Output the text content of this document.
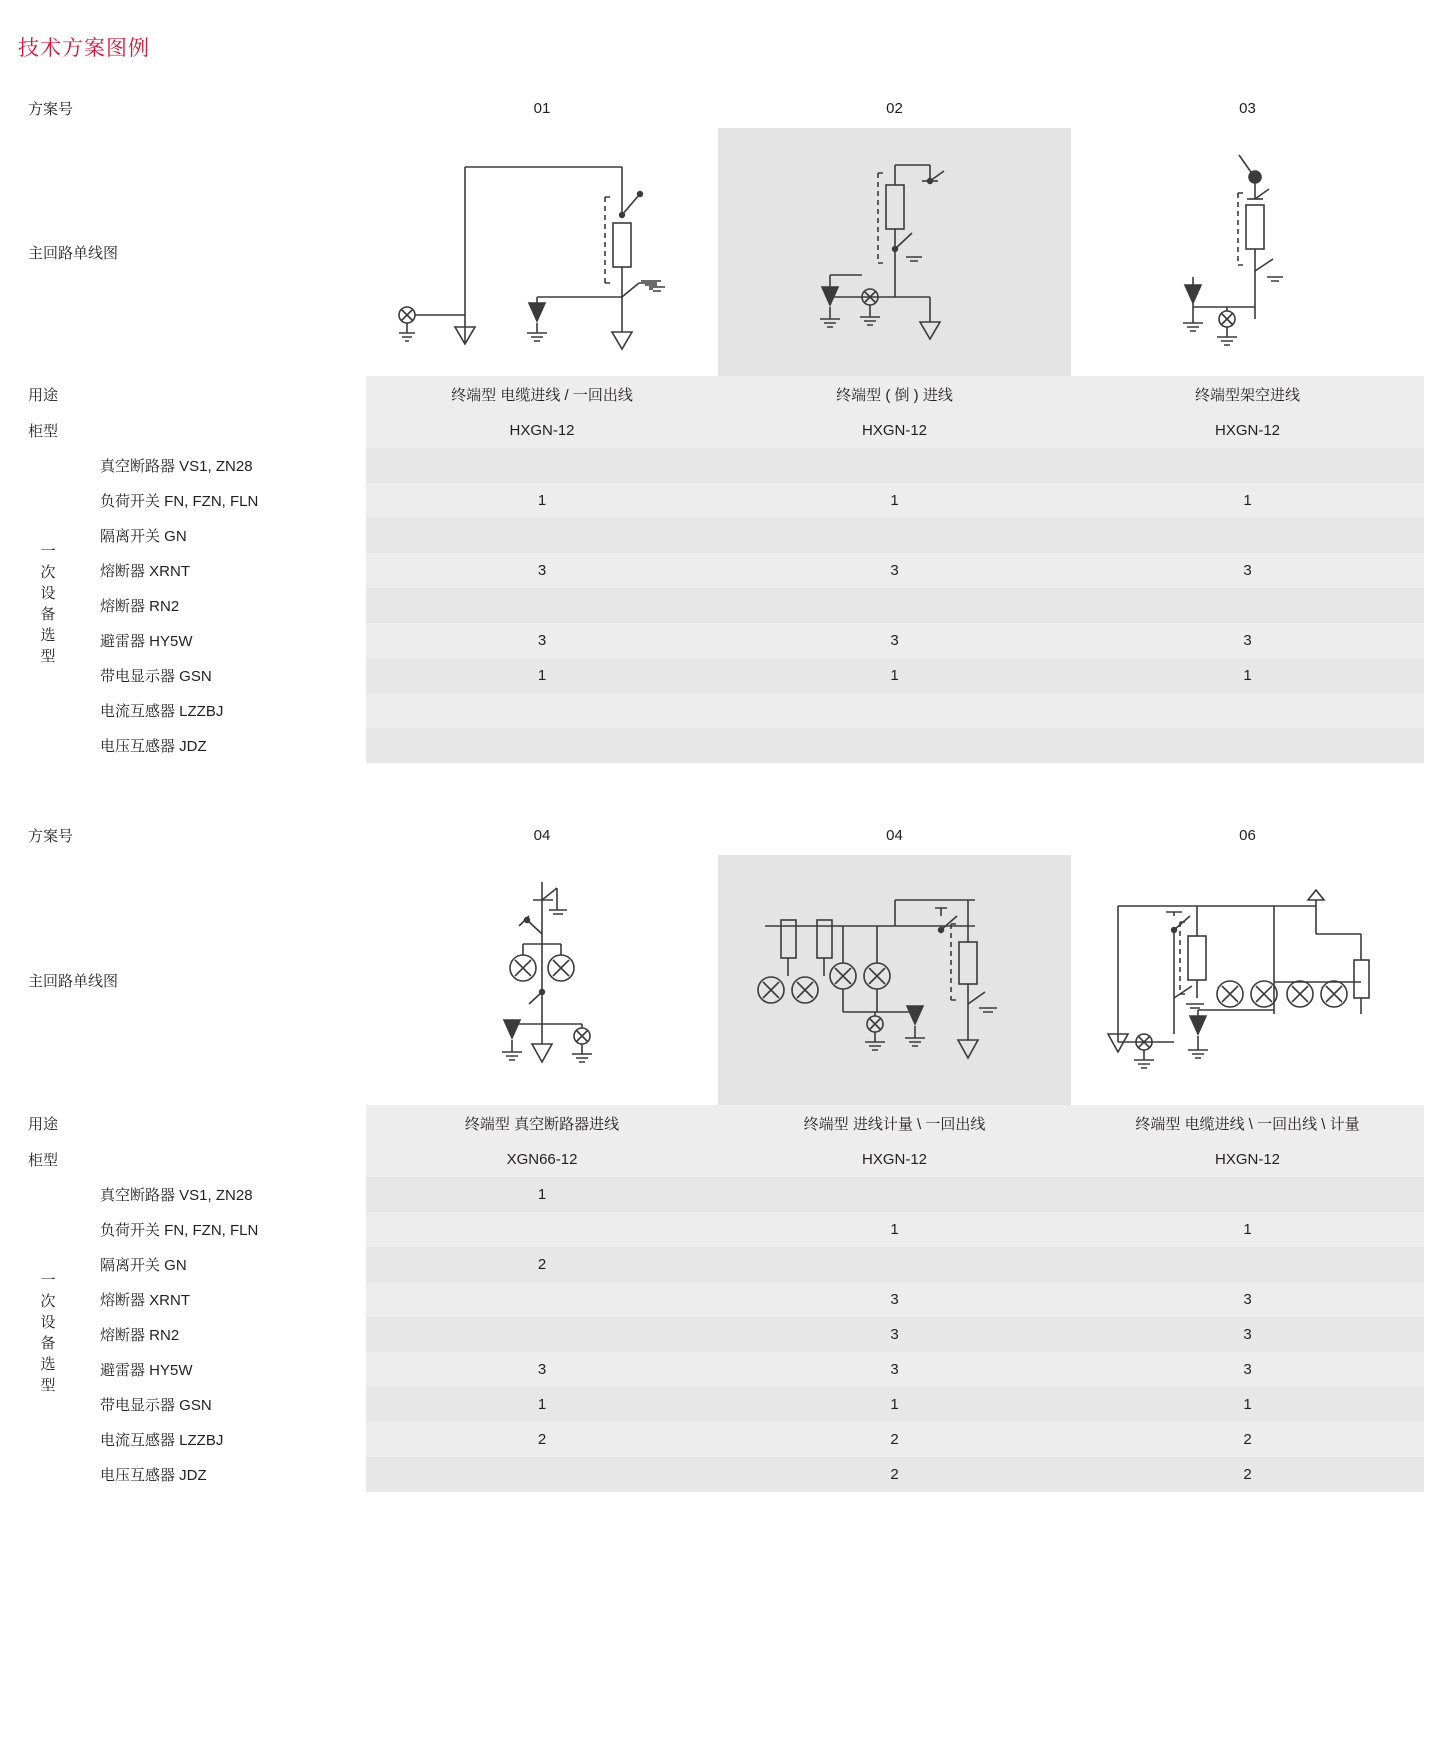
技术方案图例
方案号		01	02	03
主回路单线图	

用途		终端型 电缆进线 / 一回出线	终端型 ( 倒 ) 进线	终端型架空进线
柜型		HXGN-12	HXGN-12	HXGN-12

一次设备选型	真空断路器 VS1, ZN28			
	负荷开关 FN, FZN, FLN	1	1	1
	隔离开关 GN			
	熔断器 XRNT	3	3	3
	熔断器 RN2			
	避雷器 HY5W	3	3	3
	带电显示器 GSN	1	1	1
	电流互感器 LZZBJ			
	电压互感器 JDZ			
方案号		04	04	06
主回路单线图	

用途		终端型 真空断路器进线	终端型 进线计量 \ 一回出线	终端型 电缆进线 \ 一回出线 \ 计量
柜型		XGN66-12	HXGN-12	HXGN-12

一次设备选型	真空断路器 VS1, ZN28	1		
	负荷开关 FN, FZN, FLN		1	1
	隔离开关 GN	2		
	熔断器 XRNT		3	3
	熔断器 RN2		3	3
	避雷器 HY5W	3	3	3
	带电显示器 GSN	1	1	1
	电流互感器 LZZBJ	2	2	2
	电压互感器 JDZ		2	2
